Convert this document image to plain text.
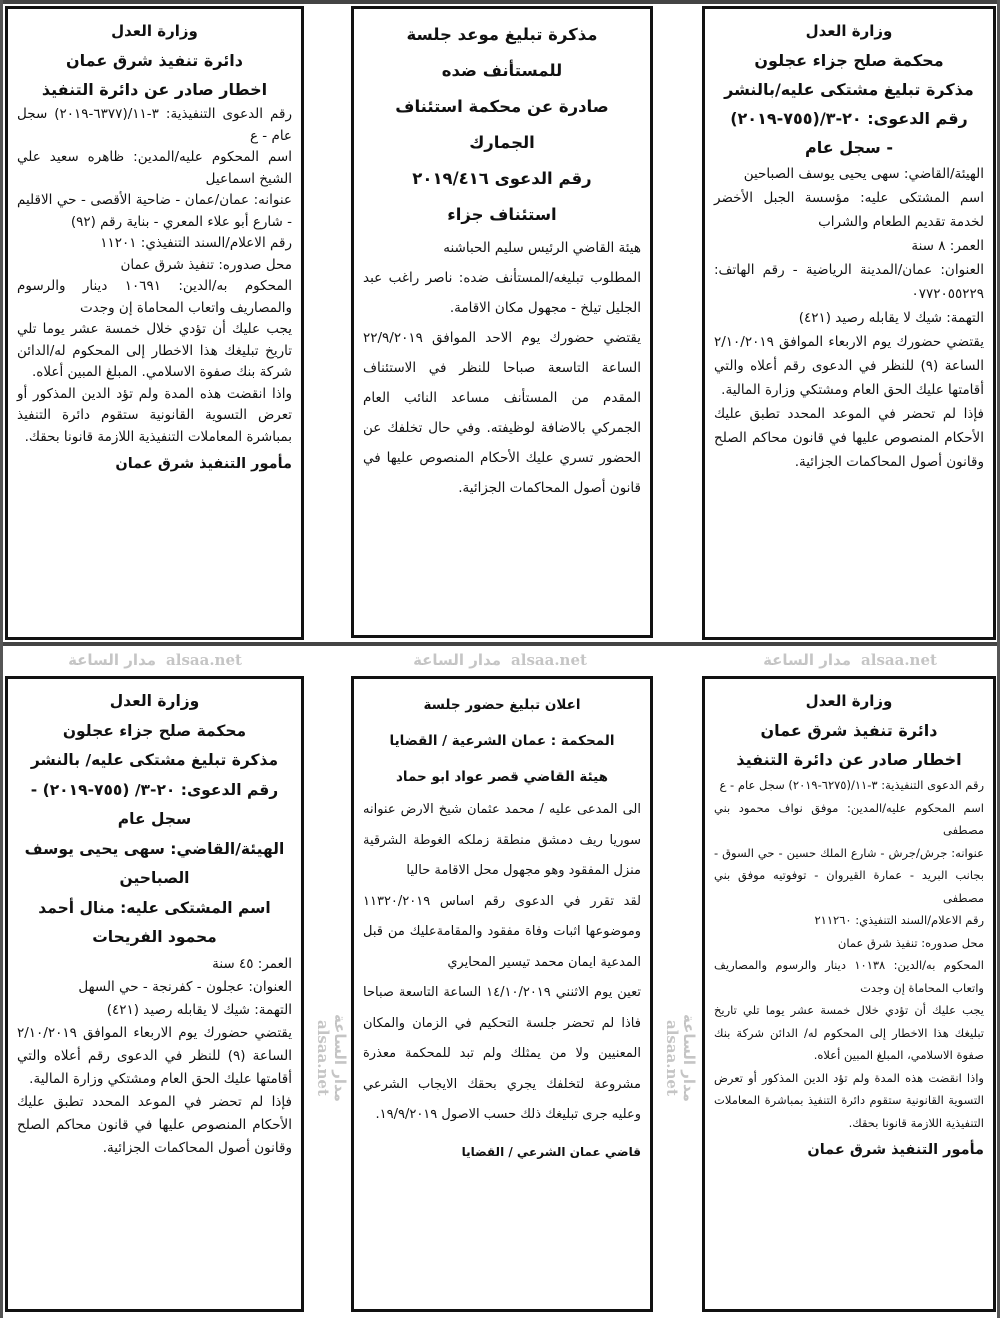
وزارة العدل
محكمة صلح جزاء عجلون
مذكرة تبليغ مشتكى عليه/بالنشر
رقم الدعوى: ٢٠-٣/(٧٥٥-٢٠١٩)
- سجل عام
الهيئة/القاضي: سهى يحيى يوسف الصباحين
اسم المشتكى عليه: مؤسسة الجبل الأخضر لخدمة تقديم الطعام والشراب
العمر: ٨ سنة
العنوان: عمان/المدينة الرياضية - رقم الهاتف: ٠٧٧٢٠٥٥٢٢٩
التهمة: شيك لا يقابله رصيد (٤٢١)
يقتضي حضورك يوم الاربعاء الموافق ٢/١٠/٢٠١٩ الساعة (٩) للنظر في الدعوى رقم أعلاه والتي أقامتها عليك الحق العام ومشتكي وزارة المالية.
فإذا لم تحضر في الموعد المحدد تطبق عليك الأحكام المنصوص عليها في قانون محاكم الصلح وقانون أصول المحاكمات الجزائية.
مذكرة تبليغ موعد جلسة
للمستأنف ضده
صادرة عن محكمة استئناف
الجمارك
رقم الدعوى ٢٠١٩/٤١٦
استئناف جزاء
هيئة القاضي الرئيس سليم الحباشنه
المطلوب تبليغه/المستأنف ضده: ناصر راغب عبد الجليل تيلخ - مجهول مكان الاقامة.
يقتضي حضورك يوم الاحد الموافق ٢٢/٩/٢٠١٩ الساعة التاسعة صباحا للنظر في الاستئناف المقدم من المستأنف مساعد النائب العام الجمركي بالاضافة لوظيفته. وفي حال تخلفك عن الحضور تسري عليك الأحكام المنصوص عليها في قانون أصول المحاكمات الجزائية.
وزارة العدل
دائرة تنفيذ شرق عمان
اخطار صادر عن دائرة التنفيذ
رقم الدعوى التنفيذية: ٣-١١/(٦٣٧٧-٢٠١٩) سجل عام - ع
اسم المحكوم عليه/المدين: ظاهره سعيد علي الشيخ اسماعيل
عنوانه: عمان/عمان - ضاحية الأقصى - حي الاقليم - شارع أبو علاء المعري - بناية رقم (٩٢)
رقم الاعلام/السند التنفيذي: ١١٢٠١
محل صدوره: تنفيذ شرق عمان
المحكوم به/الدين: ١٠٦٩١ دينار والرسوم والمصاريف واتعاب المحاماة إن وجدت
يجب عليك أن تؤدي خلال خمسة عشر يوما تلي تاريخ تبليغك هذا الاخطار إلى المحكوم له/الدائن شركة بنك صفوة الاسلامي. المبلغ المبين أعلاه.
واذا انقضت هذه المدة ولم تؤد الدين المذكور أو تعرض التسوية القانونية ستقوم دائرة التنفيذ بمباشرة المعاملات التنفيذية اللازمة قانونا بحقك.
مأمور التنفيذ شرق عمان
وزارة العدل
دائرة تنفيذ شرق عمان
اخطار صادر عن دائرة التنفيذ
رقم الدعوى التنفيذية: ٣-١١/(٦٢٧٥-٢٠١٩) سجل عام - ع
اسم المحكوم عليه/المدين: موفق نواف محمود بني مصطفى
عنوانه: جرش/جرش - شارع الملك حسين - حي السوق - بجانب البريد - عمارة القيروان - توفوتيه موفق بني مصطفى
رقم الاعلام/السند التنفيذي: ٢١١٢٦٠
محل صدوره: تنفيذ شرق عمان
المحكوم به/الدين: ١٠١٣٨ دينار والرسوم والمصاريف واتعاب المحاماة إن وجدت
يجب عليك أن تؤدي خلال خمسة عشر يوما تلي تاريخ تبليغك هذا الاخطار إلى المحكوم له/ الدائن شركة بنك صفوة الاسلامي، المبلغ المبين أعلاه.
واذا انقضت هذه المدة ولم تؤد الدين المذكور أو تعرض التسوية القانونية ستقوم دائرة التنفيذ بمباشرة المعاملات التنفيذية اللازمة قانونا بحقك.
مأمور التنفيذ شرق عمان
اعلان تبليغ حضور جلسة
المحكمة : عمان الشرعية / القضايا
هيئة القاضي قصر عواد ابو حماد
الى المدعى عليه / محمد عثمان شيخ الارض عنوانه سوريا ريف دمشق منطقة زملكه الغوطة الشرقية منزل المفقود وهو مجهول محل الاقامة حاليا
لقد تقرر في الدعوى رقم اساس ١١٣٢٠/٢٠١٩ وموضوعها اثبات وفاة مفقود والمقامةعليك من قبل المدعية ايمان محمد تيسير المحايري
تعين يوم الاثنني ١٤/١٠/٢٠١٩ الساعة التاسعة صباحا فاذا لم تحضر جلسة التحكيم في الزمان والمكان المعنيين ولا من يمثلك ولم تبد للمحكمة معذرة مشروعة لتخلفك يجري بحقك الايجاب الشرعي وعليه جرى تبليغك ذلك حسب الاصول ١٩/٩/٢٠١٩.
قاضي عمان الشرعي / القضايا
وزارة العدل
محكمة صلح جزاء عجلون
مذكرة تبليغ مشتكى عليه/ بالنشر
رقم الدعوى: ٢٠-٣/ (٧٥٥-٢٠١٩) - سجل عام
الهيئة/القاضي: سهى يحيى يوسف الصباحين
اسم المشتكى عليه: منال أحمد محمود الفريحات
العمر: ٤٥ سنة
العنوان: عجلون - كفرنجة - حي السهل
التهمة: شيك لا يقابله رصيد (٤٢١)
يقتضي حضورك يوم الاربعاء الموافق ٢/١٠/٢٠١٩ الساعة (٩) للنظر في الدعوى رقم أعلاه والتي أقامتها عليك الحق العام ومشتكي وزارة المالية.
فإذا لم تحضر في الموعد المحدد تطبق عليك الأحكام المنصوص عليها في قانون محاكم الصلح وقانون أصول المحاكمات الجزائية.
مدار الساعة alsaa.net
مدار الساعة alsaa.net
مدار الساعة alsaa.net
مدار الساعة
alsaa.net
مدار الساعة
alsaa.net
